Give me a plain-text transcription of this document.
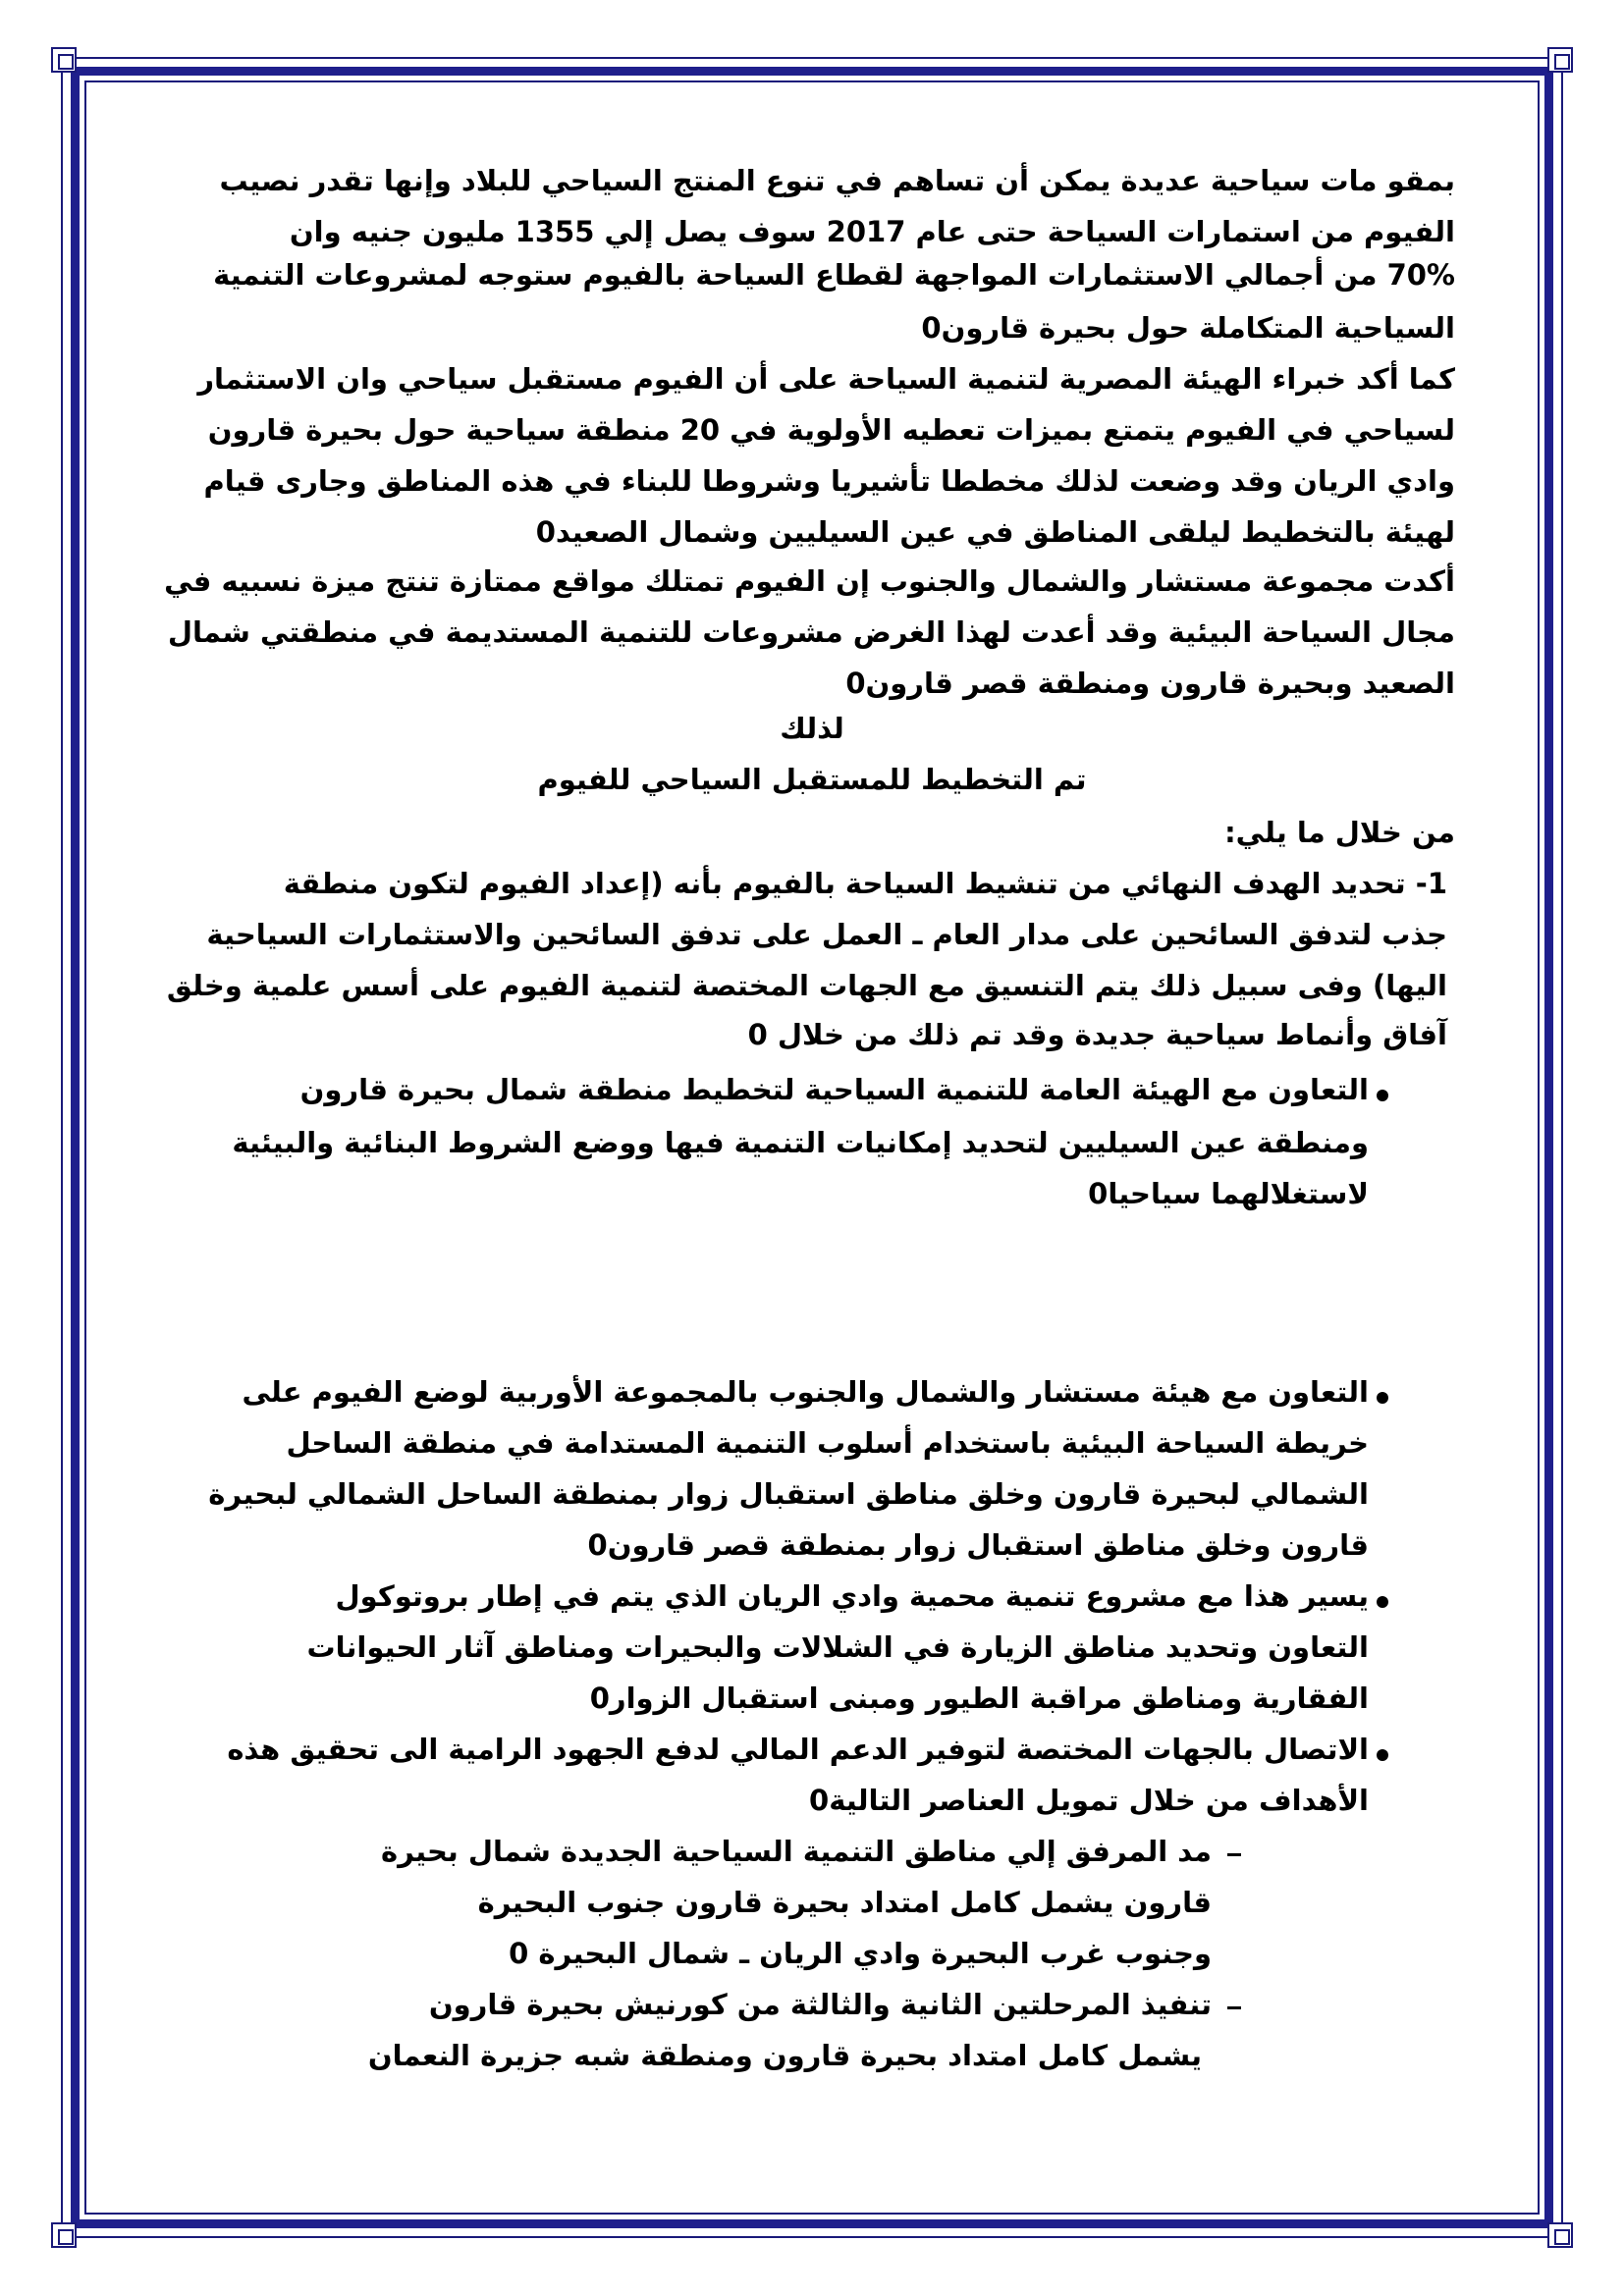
بمقو مات سياحية عديدة يمكن أن تساهم في تنوع المنتج السياحي للبلاد وإنها تقدر نصيب
الفيوم من استمارات السياحة حتى عام 2017 سوف يصل إلي 1355 مليون جنيه وان
70% من أجمالي الاستثمارات المواجهة لقطاع السياحة بالفيوم ستوجه لمشروعات التنمية
السياحية المتكاملة حول بحيرة قارون0
كما أكد خبراء الهيئة المصرية لتنمية السياحة على أن الفيوم مستقبل سياحي وان الاستثمار
لسياحي في الفيوم يتمتع بميزات تعطيه الأولوية في 20 منطقة سياحية حول بحيرة قارون
وادي الريان وقد وضعت لذلك مخططا تأشيريا وشروطا للبناء في هذه المناطق وجارى قيام
لهيئة بالتخطيط ليلقى المناطق في عين السيليين وشمال الصعيد0
أكدت مجموعة مستشار والشمال والجنوب إن الفيوم تمتلك مواقع ممتازة تنتج ميزة نسبيه في
مجال السياحة البيئية وقد أعدت لهذا الغرض مشروعات للتنمية المستديمة في منطقتي شمال
الصعيد وبحيرة قارون ومنطقة قصر قارون0
لذلك
تم التخطيط للمستقبل السياحي للفيوم
من خلال ما يلي:
1- تحديد الهدف النهائي من تنشيط السياحة بالفيوم بأنه (إعداد الفيوم لتكون منطقة
جذب لتدفق السائحين على مدار العام ـ العمل على تدفق السائحين والاستثمارات السياحية
اليها) وفى سبيل ذلك يتم التنسيق مع الجهات المختصة لتنمية الفيوم على أسس علمية وخلق
آفاق وأنماط سياحية جديدة وقد تم ذلك من خلال 0
التعاون مع الهيئة العامة للتنمية السياحية لتخطيط منطقة شمال بحيرة قارون
ومنطقة عين السيليين لتحديد إمكانيات التنمية فيها ووضع الشروط البنائية والبيئية
لاستغلالهما سياحيا0
التعاون مع هيئة مستشار والشمال والجنوب بالمجموعة الأوربية لوضع الفيوم على
خريطة السياحة البيئية باستخدام أسلوب التنمية المستدامة في منطقة الساحل
الشمالي لبحيرة قارون وخلق مناطق استقبال زوار بمنطقة الساحل الشمالي لبحيرة
قارون وخلق مناطق استقبال زوار بمنطقة قصر قارون0
يسير هذا مع مشروع تنمية محمية وادي الريان الذي يتم في إطار بروتوكول
التعاون وتحديد مناطق الزيارة في الشلالات والبحيرات ومناطق آثار الحيوانات
الفقارية ومناطق مراقبة الطيور ومبنى استقبال الزوار0
الاتصال بالجهات المختصة لتوفير الدعم المالي لدفع الجهود الرامية الى تحقيق هذه
الأهداف من خلال تمويل العناصر التالية0
مد المرفق إلي مناطق التنمية السياحية الجديدة شمال بحيرة
قارون يشمل كامل امتداد بحيرة قارون جنوب البحيرة
وجنوب غرب البحيرة وادي الريان ـ شمال البحيرة 0
تنفيذ المرحلتين الثانية والثالثة من كورنيش بحيرة قارون
يشمل كامل امتداد بحيرة قارون ومنطقة شبه جزيرة النعمان
